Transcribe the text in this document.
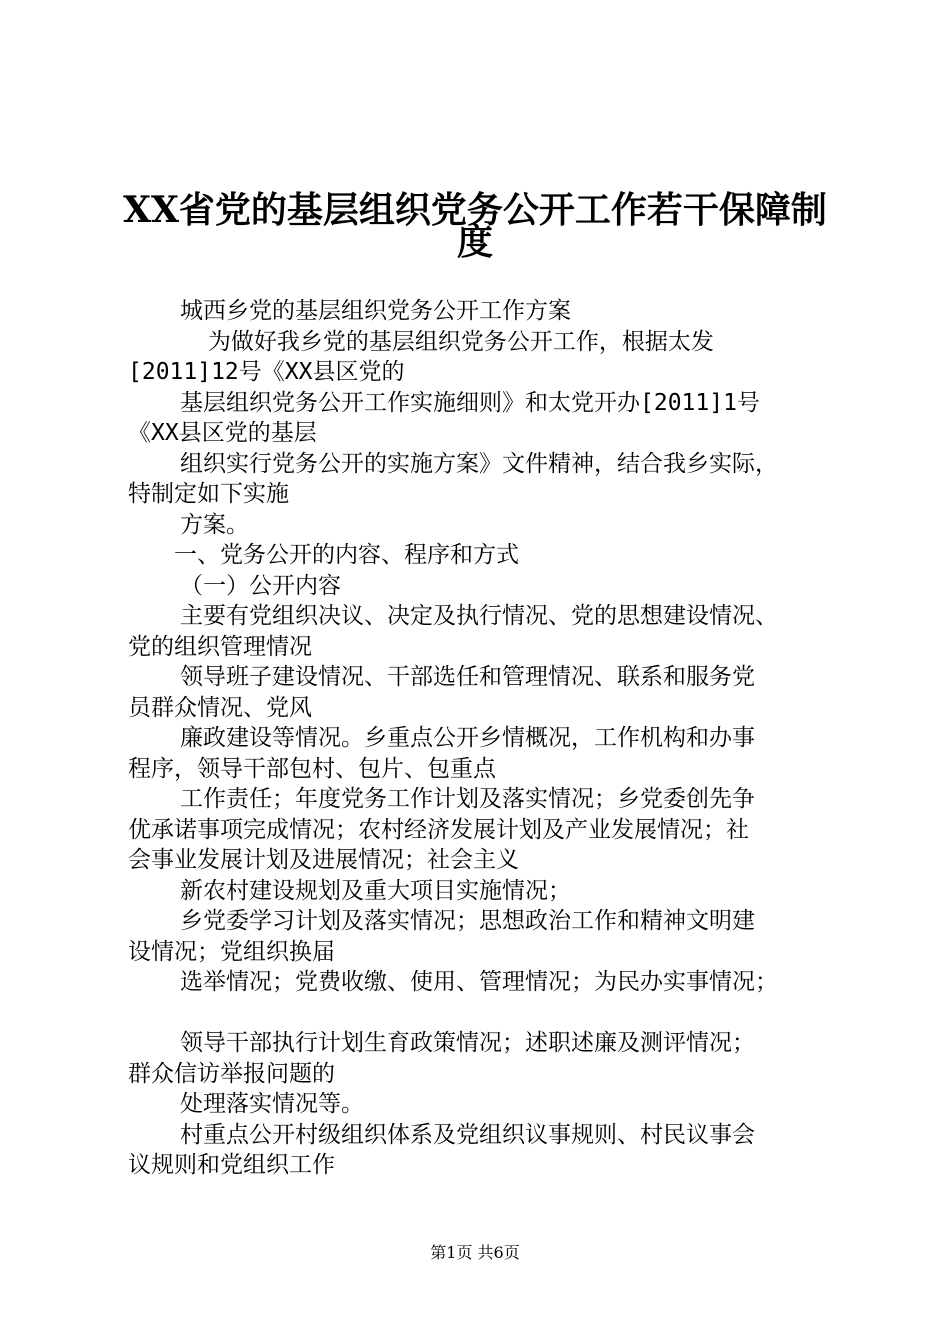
XX省党的基层组织党务公开工作若干保障制
度
城西乡党的基层组织党务公开工作方案
为做好我乡党的基层组织党务公开工作，根据太发
[2011]12号《XX县区党的
基层组织党务公开工作实施细则》和太党开办[2011]1号
《XX县区党的基层
组织实行党务公开的实施方案》文件精神，结合我乡实际，
特制定如下实施
方案。
一、党务公开的内容、程序和方式
（一）公开内容
主要有党组织决议、决定及执行情况、党的思想建设情况、
党的组织管理情况
领导班子建设情况、干部选任和管理情况、联系和服务党
员群众情况、党风
廉政建设等情况。乡重点公开乡情概况，工作机构和办事
程序，领导干部包村、包片、包重点
工作责任；年度党务工作计划及落实情况；乡党委创先争
优承诺事项完成情况；农村经济发展计划及产业发展情况；社
会事业发展计划及进展情况；社会主义
新农村建设规划及重大项目实施情况；
乡党委学习计划及落实情况；思想政治工作和精神文明建
设情况；党组织换届
选举情况；党费收缴、使用、管理情况；为民办实事情况；
领导干部执行计划生育政策情况；述职述廉及测评情况；
群众信访举报问题的
处理落实情况等。
村重点公开村级组织体系及党组织议事规则、村民议事会
议规则和党组织工作
第1页 共6页
